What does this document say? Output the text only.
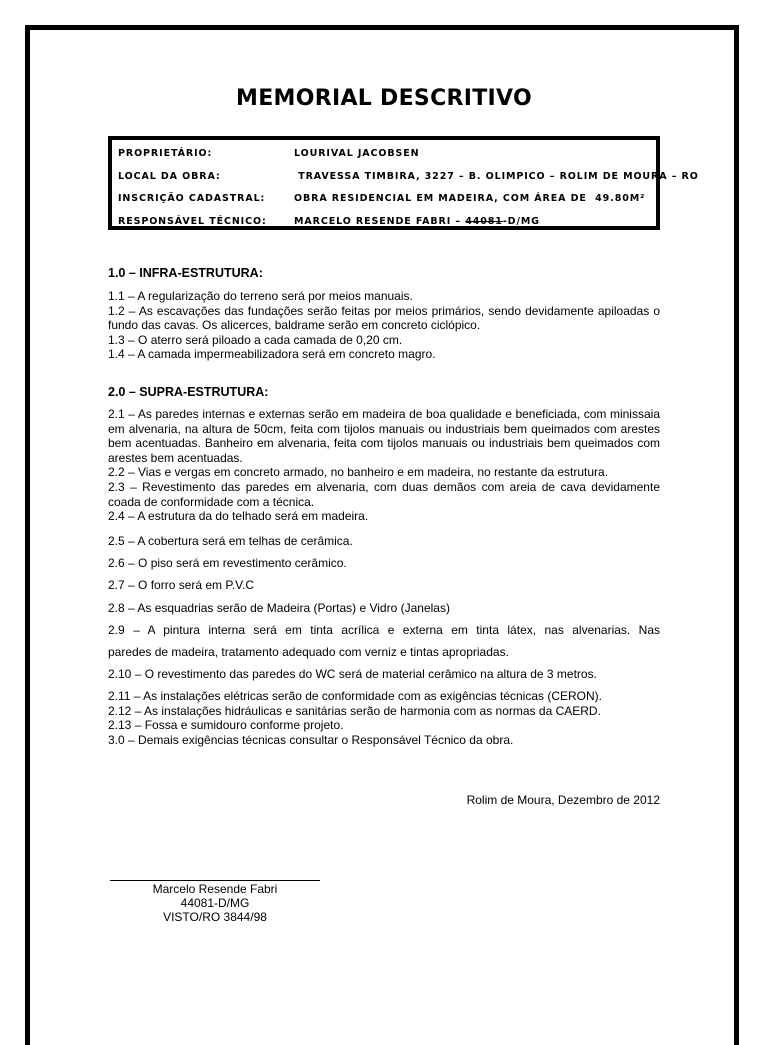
MEMORIAL DESCRITIVO
PROPRIETÁRIO:	LOURIVAL JACOBSEN
LOCAL DA OBRA:	TRAVESSA TIMBIRA, 3227 – B. OLIMPICO – ROLIM DE MOURA – RO
INSCRIÇÃO CADASTRAL:	OBRA RESIDENCIAL EM MADEIRA, COM ÁREA DE  49.80M²
RESPONSÁVEL TÉCNICO:	MARCELO RESENDE FABRI – 44081-D/MG
1.0 – INFRA-ESTRUTURA:

1.1 – A regularização do terreno será por meios manuais.

1.2 – As escavações das fundações serão feitas por meios primários, sendo devidamente apiloadas o fundo das cavas. Os alicerces, baldrame serão em concreto ciclópico.

1.3 – O aterro será piloado a cada camada de 0,20 cm.

1.4 – A camada impermeabilizadora será em concreto magro.

2.0 – SUPRA-ESTRUTURA:

2.1 – As paredes internas e externas serão em madeira de boa qualidade e beneficiada, com minissaia em alvenaria, na altura de 50cm, feita com tijolos manuais ou industriais bem queimados com arestes bem acentuadas. Banheiro em alvenaria, feita com tijolos manuais ou industriais bem queimados com arestes bem acentuadas.

2.2 – Vias e vergas em concreto armado, no banheiro e em madeira, no restante da estrutura.

2.3 – Revestimento das paredes em alvenaria, com duas demãos com areia de cava devidamente coada de conformidade com a técnica.

2.4 – A estrutura da do telhado será em madeira.

2.5 – A cobertura será em telhas de cerâmica.
2.6 – O piso será em revestimento cerâmico.
2.7 – O forro será em P.V.C
2.8 – As esquadrias serão de Madeira (Portas) e Vidro (Janelas)

2.9 – A pintura interna será em tinta acrílica e externa em tinta látex, nas alvenarias. Nas

paredes de madeira, tratamento adequado com verniz e tintas apropriadas.
2.10 – O revestimento das paredes do WC será de material cerâmico na altura de 3 metros.

2.11 – As instalações elétricas serão de conformidade com as exigências técnicas (CERON).

2.12 – As instalações hidráulicas e sanitárias serão de harmonia com as normas da CAERD.

2.13 – Fossa e sumidouro conforme projeto.

3.0 – Demais exigências técnicas consultar o Responsável Técnico da obra.

Rolim de Moura, Dezembro de 2012
Marcelo Resende Fabri
44081-D/MG
VISTO/RO 3844/98
